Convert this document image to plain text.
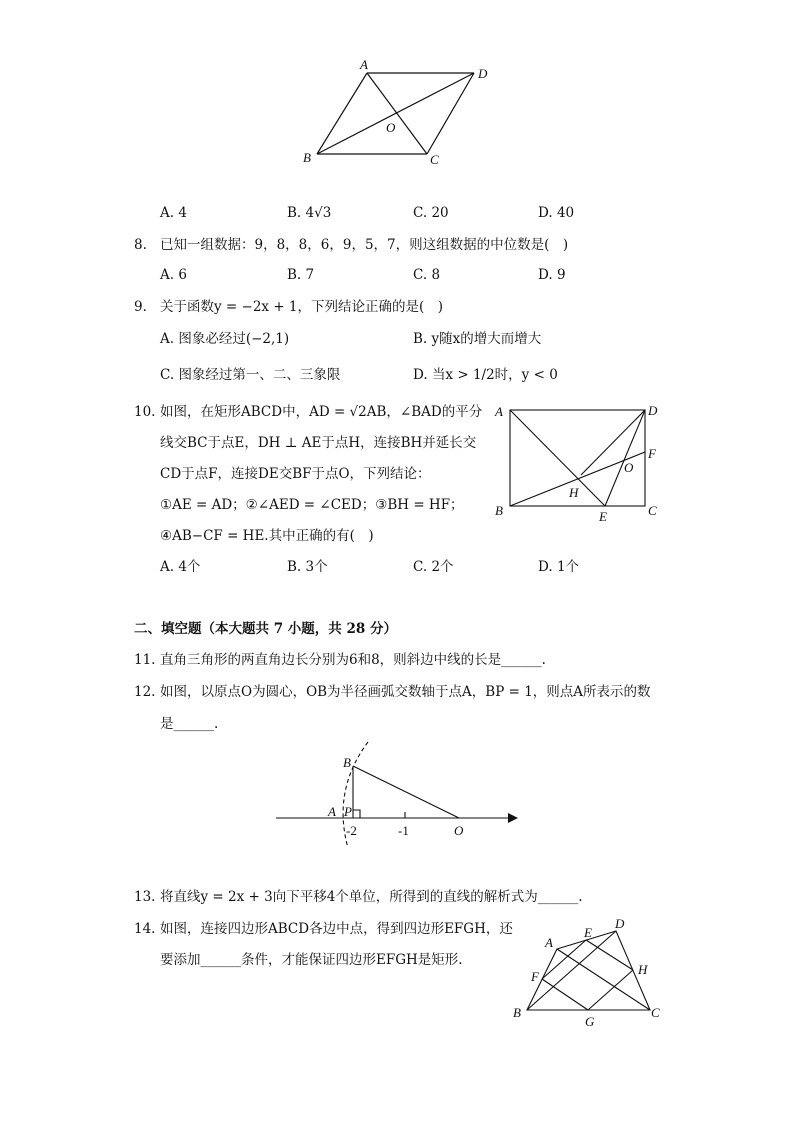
A
D
O
B	C
A. 4	B. 4√3	C. 20	D. 40
8. 已知一组数据：9，8，8，6，9，5，7，则这组数据的中位数是(　)
A. 6	B. 7	C. 8	D. 9
9. 关于函数y = −2x + 1，下列结论正确的是(　)
A. 图象必经过(−2,1)	B. y随x的增大而增大
C. 图象经过第一、二、三象限	D. 当x > 1/2时，y < 0
10. 如图，在矩形ABCD中，AD = √2AB，∠BAD的平分
线交BC于点E，DH ⊥ AE于点H，连接BH并延长交
CD于点F，连接DE交BF于点O，下列结论：
①AE = AD；②∠AED = ∠CED；③BH = HF；
④AB−CF = HE.其中正确的有(　)
A. 4个	B. 3个	C. 2个	D. 1个
A	D
F
O
H
B	E	C
二、填空题（本大题共 7 小题，共 28 分）
11. 直角三角形的两直角边长分别为6和8，则斜边中线的长是______.
12. 如图，以原点O为圆心，OB为半径画弧交数轴于点A，BP = 1，则点A所表示的数
是______.
B
A P
-2	-1	O
13. 将直线y = 2x + 3向下平移4个单位，所得到的直线的解析式为______.
14. 如图，连接四边形ABCD各边中点，得到四边形EFGH，还
要添加______条件，才能保证四边形EFGH是矩形.
D
A
E
F	H
B
G
C
